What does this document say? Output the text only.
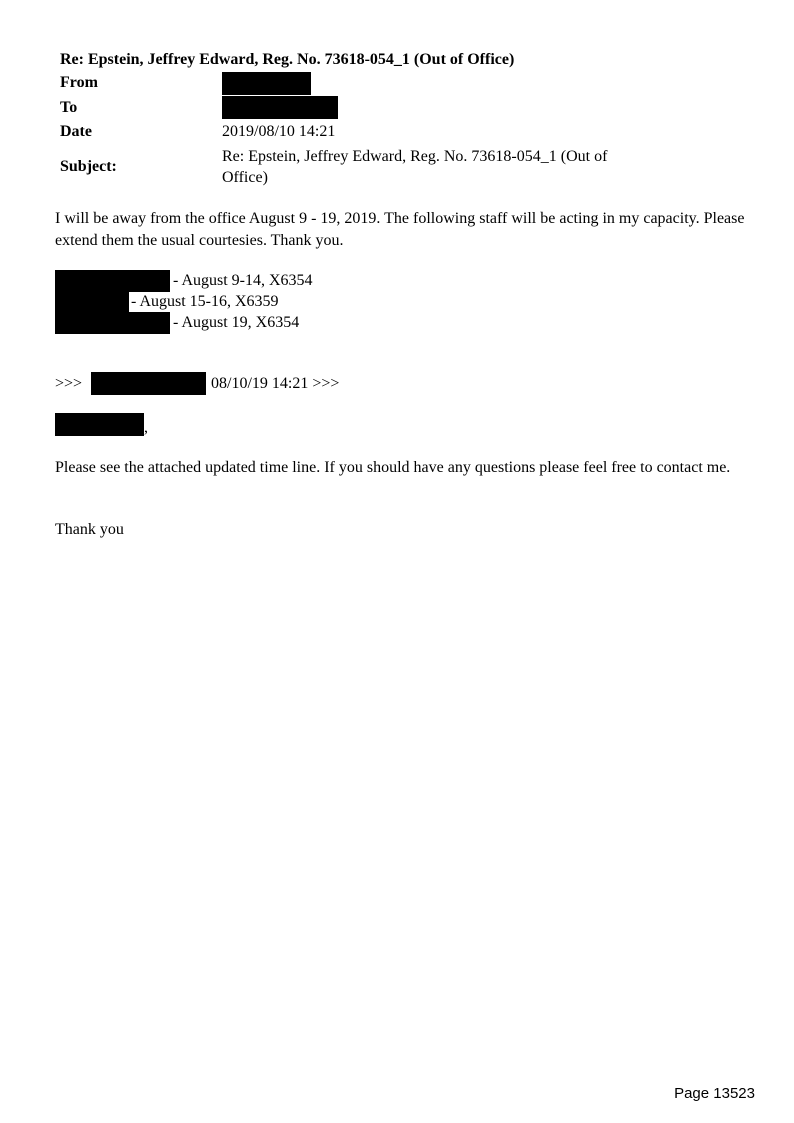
Re: Epstein, Jeffrey Edward, Reg. No. 73618-054_1 (Out of Office)
From
To
Date	2019/08/10 14:21
Subject:
Re: Epstein, Jeffrey Edward, Reg. No. 73618-054_1 (Out of
Office)
I will be away from the office August 9 - 19, 2019. The following staff will be acting in my capacity. Please extend them the usual courtesies. Thank you.
- August 9-14, X6354
- August 15-16, X6359
- August 19, X6354
>>>	08/10/19 14:21 >>>
,
Please see the attached updated time line. If you should have any questions please feel free to contact me.
Thank you
Page 13523
